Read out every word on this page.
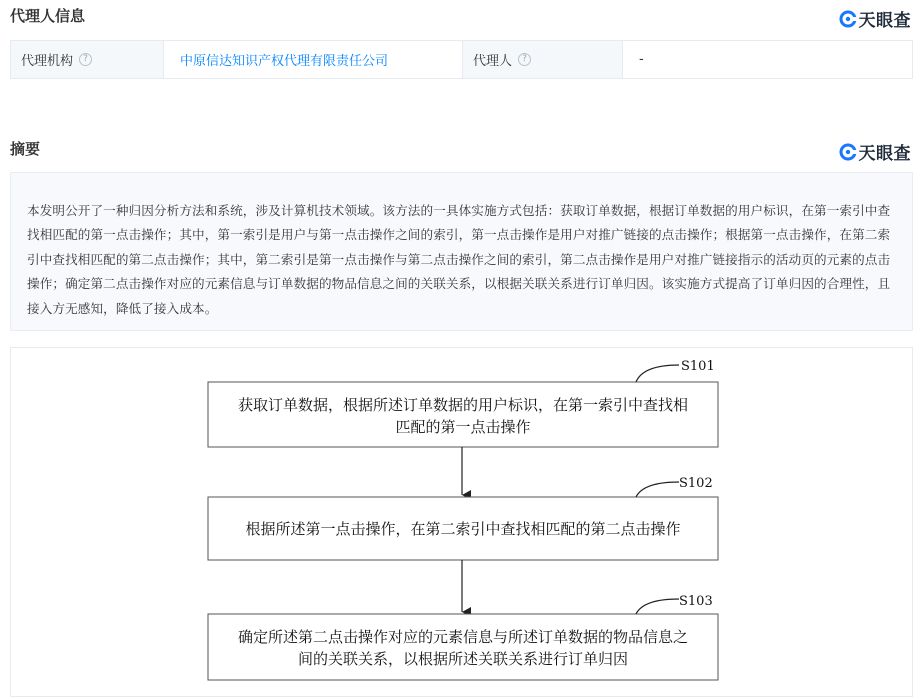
代理人信息	天眼查
代理机构	?	中原信达知识产权代理有限责任公司	代理人	?	-
摘要	天眼查
本发明公开了一种归因分析方法和系统，涉及计算机技术领域。该方法的一具体实施方式包括：获取订单数据，根据订单数据的用户标识，在第一索引中查找相匹配的第一点击操作；其中，第一索引是用户与第一点击操作之间的索引，第一点击操作是用户对推广链接的点击操作；根据第一点击操作，在第二索引中查找相匹配的第二点击操作；其中，第二索引是第一点击操作与第二点击操作之间的索引，第二点击操作是用户对推广链接指示的活动页的元素的点击操作；确定第二点击操作对应的元素信息与订单数据的物品信息之间的关联关系，以根据关联关系进行订单归因。该实施方式提高了订单归因的合理性，且接入方无感知，降低了接入成本。
S101
获取订单数据，根据所述订单数据的用户标识，在第一索引中查找相
匹配的第一点击操作
S102
根据所述第一点击操作，在第二索引中查找相匹配的第二点击操作
S103
确定所述第二点击操作对应的元素信息与所述订单数据的物品信息之
间的关联关系，以根据所述关联关系进行订单归因
